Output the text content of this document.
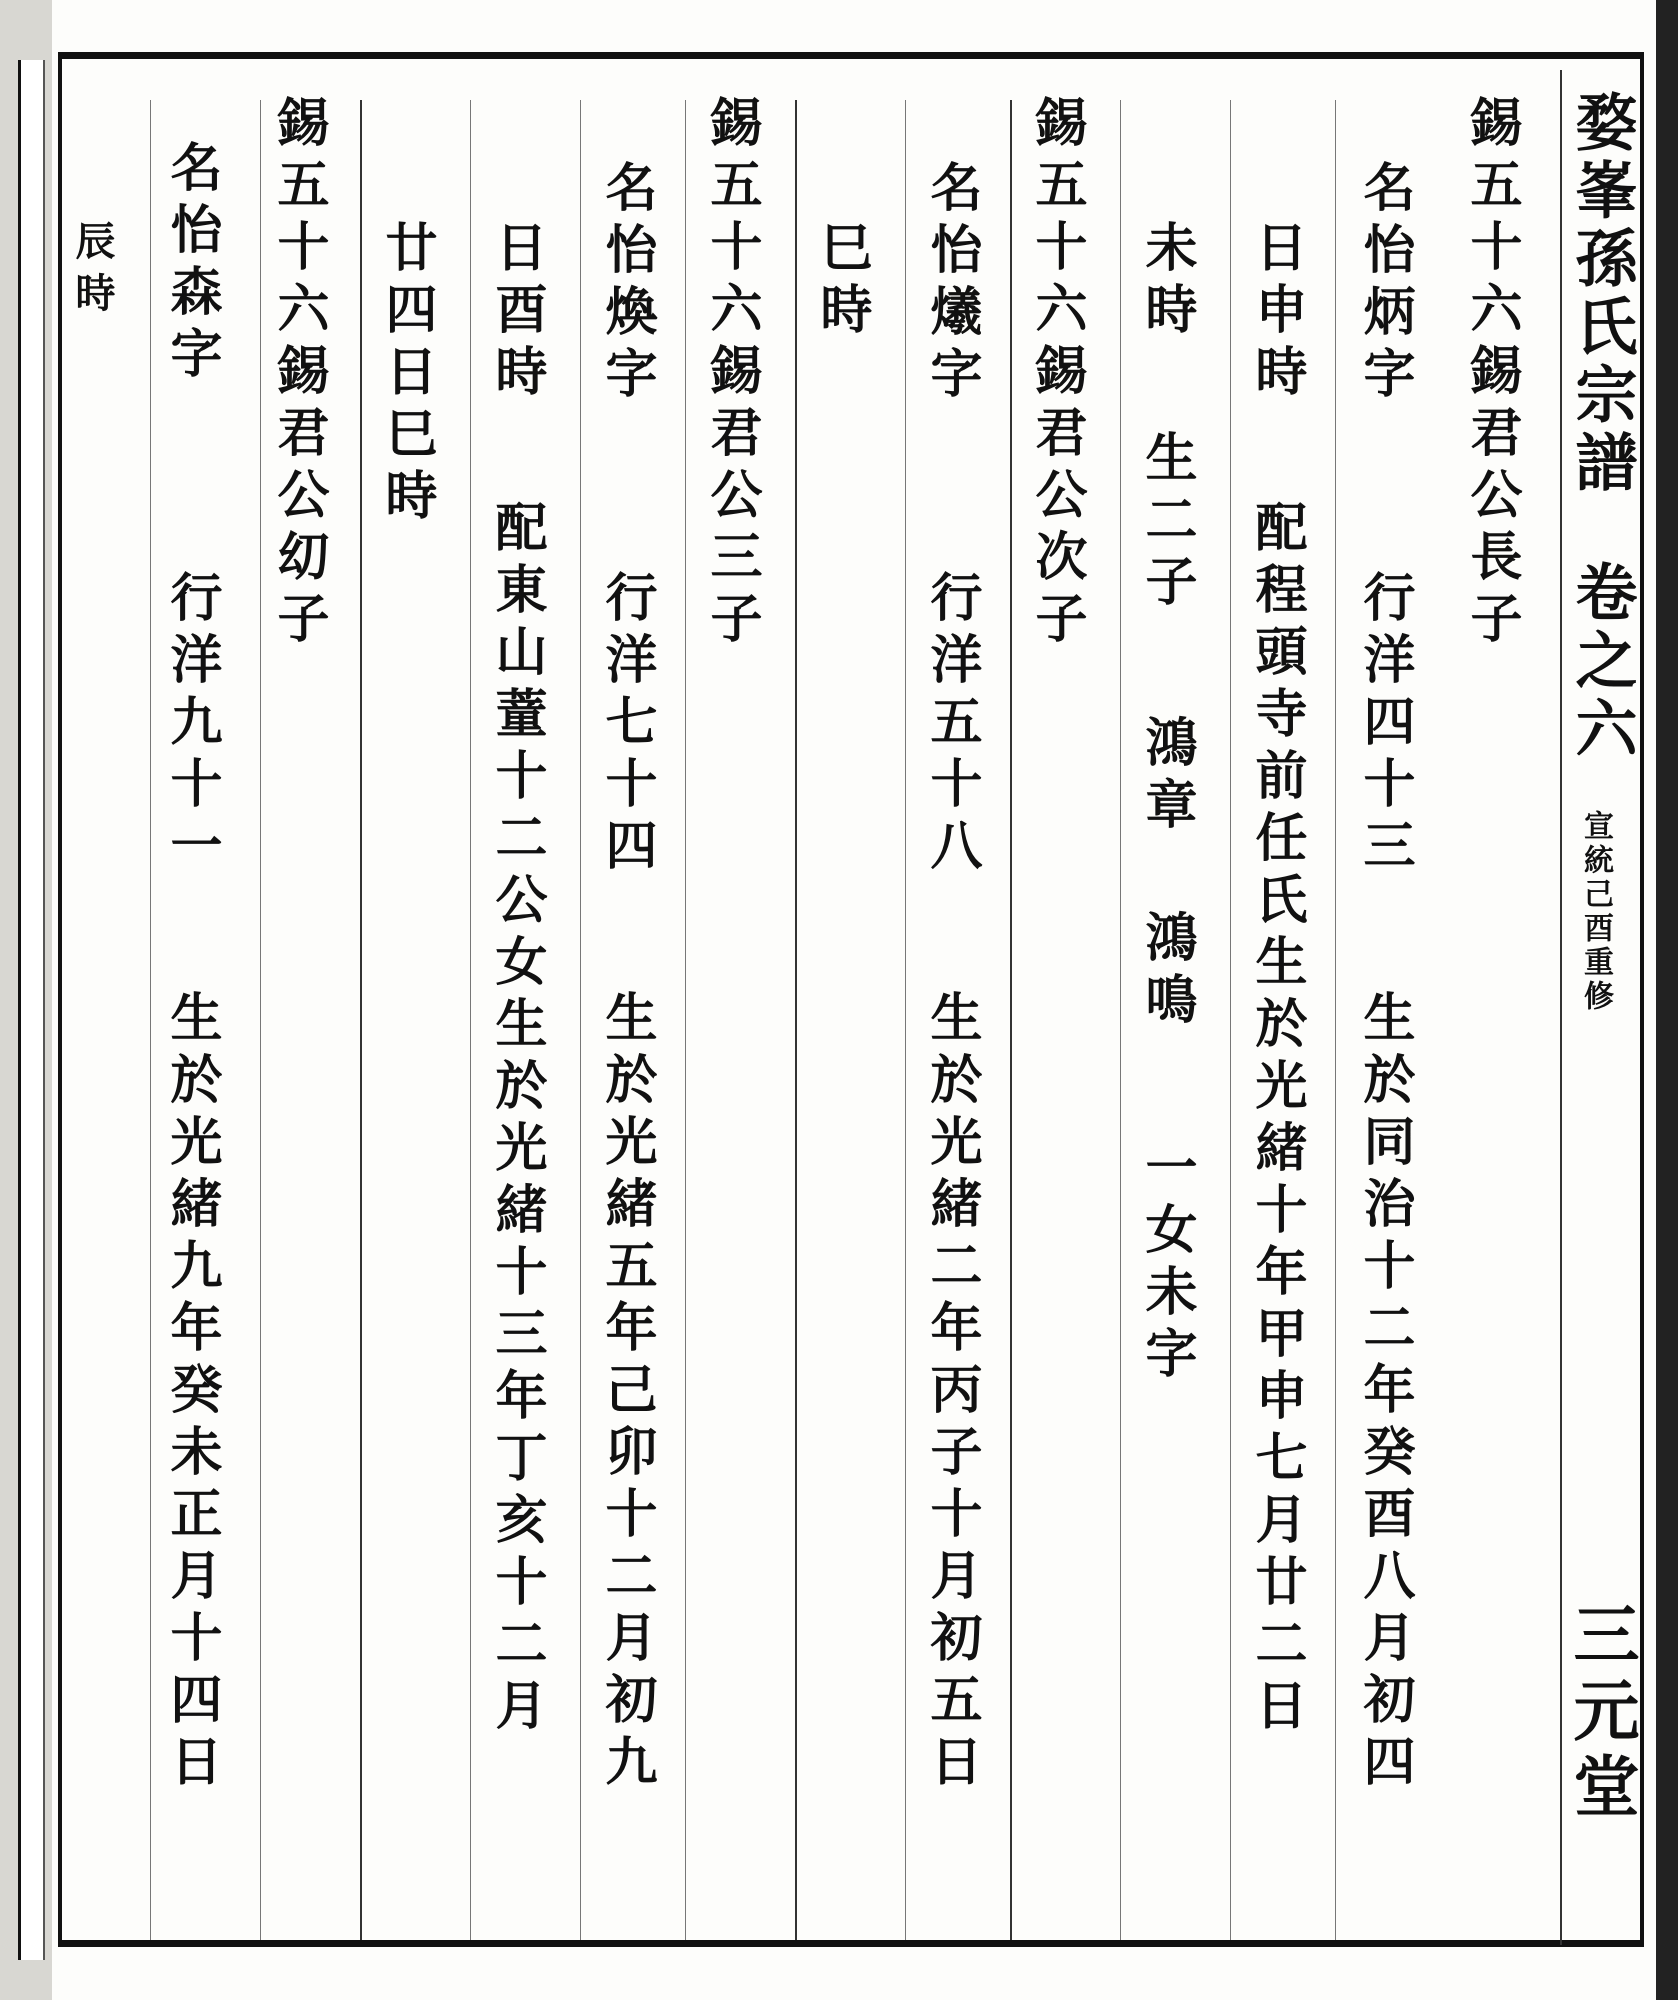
婺峯孫氏宗譜
卷之六
宣統己酉重修
三元堂
錫五十六錫君公長子
名怡炳字
行洋四十三
生於同治十二年癸酉八月初四
日申時
配程頭寺前任氏生於光緒十年甲申七月廿二日
未時
生二子
鴻章
鴻鳴
一女未字
錫五十六錫君公次子
名怡爔字
行洋五十八
生於光緒二年丙子十月初五日
巳時
錫五十六錫君公三子
名怡煥字
行洋七十四
生於光緒五年己卯十二月初九
日酉時
配東山蕫十二公女生於光緒十三年丁亥十二月
廿四日巳時
錫五十六錫君公㓜子
名怡森字
行洋九十一
生於光緒九年癸未正月十四日
辰時
